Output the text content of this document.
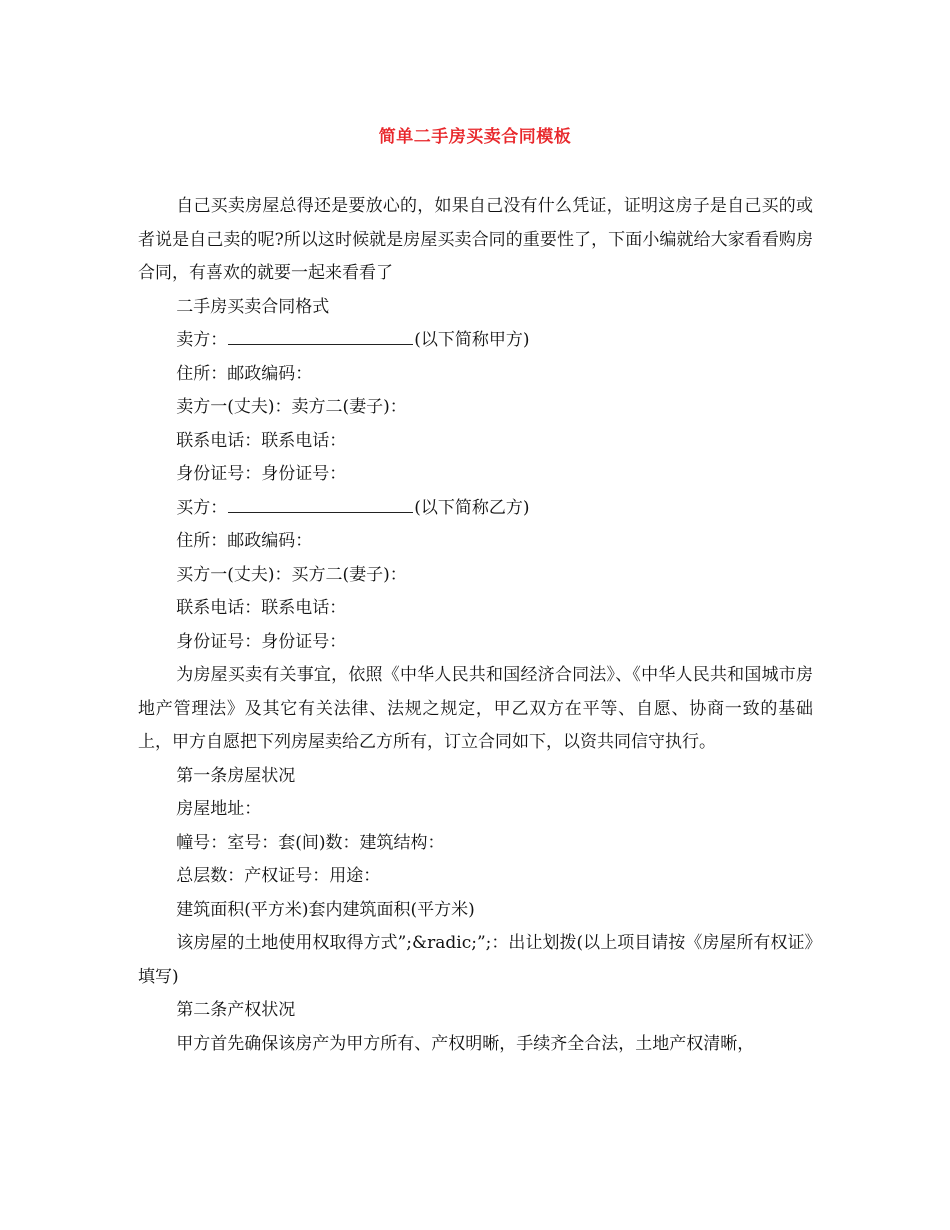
简单二手房买卖合同模板

自己买卖房屋总得还是要放心的，如果自己没有什么凭证，证明这房子是自己买的或者说是自己卖的呢?所以这时候就是房屋买卖合同的重要性了，下面小编就给大家看看购房合同，有喜欢的就要一起来看看了

二手房买卖合同格式

卖方：	(以下简称甲方)

住所：邮政编码：

卖方一(丈夫)：卖方二(妻子)：

联系电话：联系电话：

身份证号：身份证号：

买方：	(以下简称乙方)

住所：邮政编码：

买方一(丈夫)：买方二(妻子)：

联系电话：联系电话：

身份证号：身份证号：

为房屋买卖有关事宜，依照《中华人民共和国经济合同法》、《中华人民共和国城市房地产管理法》及其它有关法律、法规之规定，甲乙双方在平等、自愿、协商一致的基础上，甲方自愿把下列房屋卖给乙方所有，订立合同如下，以资共同信守执行。

第一条房屋状况

房屋地址：

幢号：室号：套(间)数：建筑结构：

总层数：产权证号：用途：

建筑面积(平方米)套内建筑面积(平方米)

该房屋的土地使用权取得方式”;&radic;”;：出让划拨(以上项目请按《房屋所有权证》填写)

第二条产权状况

甲方首先确保该房产为甲方所有、产权明晰，手续齐全合法，土地产权清晰，
